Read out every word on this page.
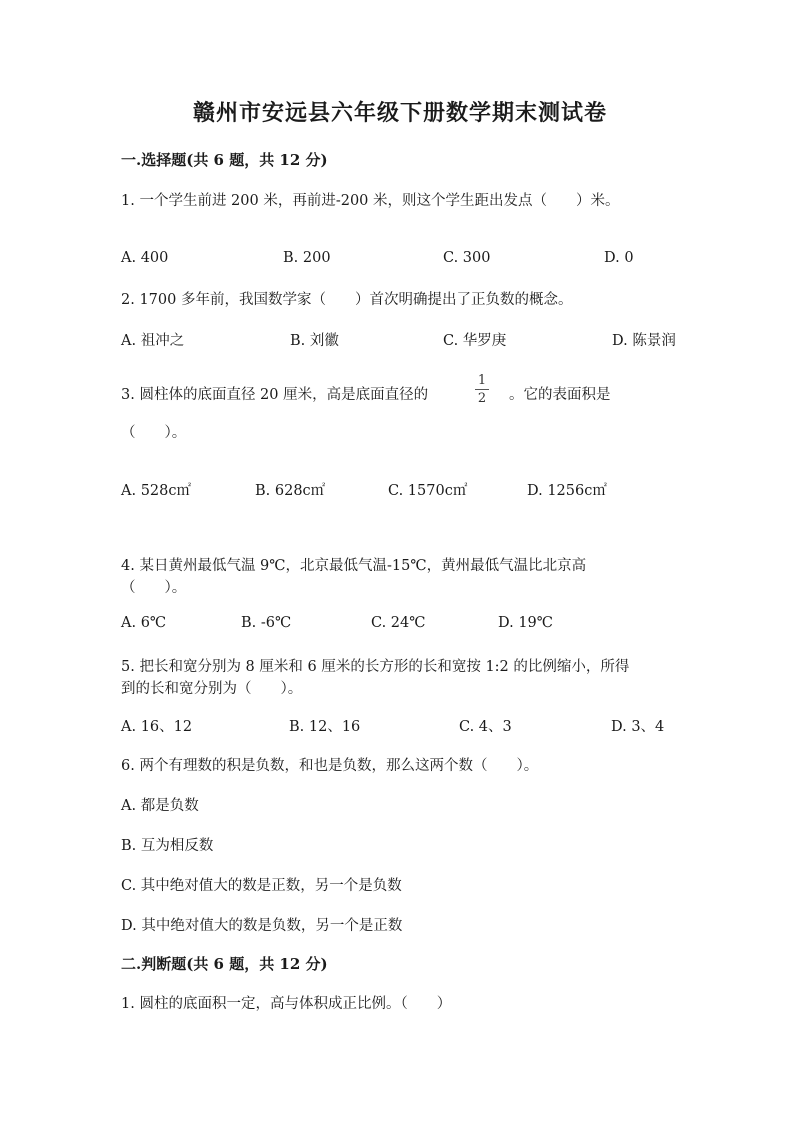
赣州市安远县六年级下册数学期末测试卷
一.选择题(共 6 题，共 12 分)
1. 一个学生前进 200 米，再前进-200 米，则这个学生距出发点（　　）米。
A. 400	B. 200	C. 300	D. 0
2. 1700 多年前，我国数学家（　　）首次明确提出了正负数的概念。
A. 祖冲之	B. 刘徽	C. 华罗庚	D. 陈景润
3. 圆柱体的底面直径 20 厘米，高是底面直径的
1
2	。它的表面积是
（　　）。
A. 528c㎡	B. 628c㎡	C. 1570c㎡	D. 1256c㎡
4. 某日黄州最低气温 9℃，北京最低气温-15℃，黄州最低气温比北京高
（　　）。
A. 6℃	B. -6℃	C. 24℃	D. 19℃
5. 把长和宽分别为 8 厘米和 6 厘米的长方形的长和宽按 1:2 的比例缩小，所得
到的长和宽分别为（　　）。
A. 16、12	B. 12、16	C. 4、3	D. 3、4
6. 两个有理数的积是负数，和也是负数，那么这两个数（　　）。
A. 都是负数
B. 互为相反数
C. 其中绝对值大的数是正数，另一个是负数
D. 其中绝对值大的数是负数，另一个是正数
二.判断题(共 6 题，共 12 分)
1. 圆柱的底面积一定，高与体积成正比例。（　　）
